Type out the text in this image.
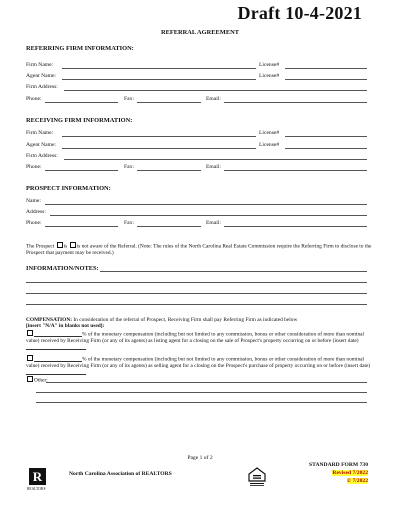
Draft 10-4-2021
REFERRAL AGREEMENT
REFERRING FIRM INFORMATION:
Firm Name:	License#
Agent Name:	License#
Firm Address:
Phone:	Fax:	Email:
RECEIVING FIRM INFORMATION:
Firm Name:	License#
Agent Name:	License#
Firm Address:
Phone:	Fax:	Email:
PROSPECT INFORMATION:
Name:
Address:
Phone:	Fax:	Email:
The Prospect is is not aware of the Referral. (Note: The rules of the North Carolina Real Estate Commission require the Referring Firm to disclose to the Prospect that payment may be received.)
INFORMATION/NOTES:
COMPENSATION: In consideration of the referral of Prospect, Receiving Firm shall pay Referring Firm as indicated below
[insert "N/A" in blanks not used]:
% of the monetary compensation (including but not limited to any commission, bonus or other consideration of more than nominal value) received by Receiving Firm (or any of its agents) as listing agent for a closing on the sale of Prospect's property occurring on or before (insert date)
% of the monetary compensation (including but not limited to any commission, bonus or other consideration of more than nominal value) received by Receiving Firm (or any of its agents) as selling agent for a closing on the Prospect's purchase of property occurring on or before (insert date)
Other:
Page 1 of 2
R
REALTOR®
North Carolina Association of REALTORS
STANDARD FORM 730
Revised 7/2022
© 7/2022
